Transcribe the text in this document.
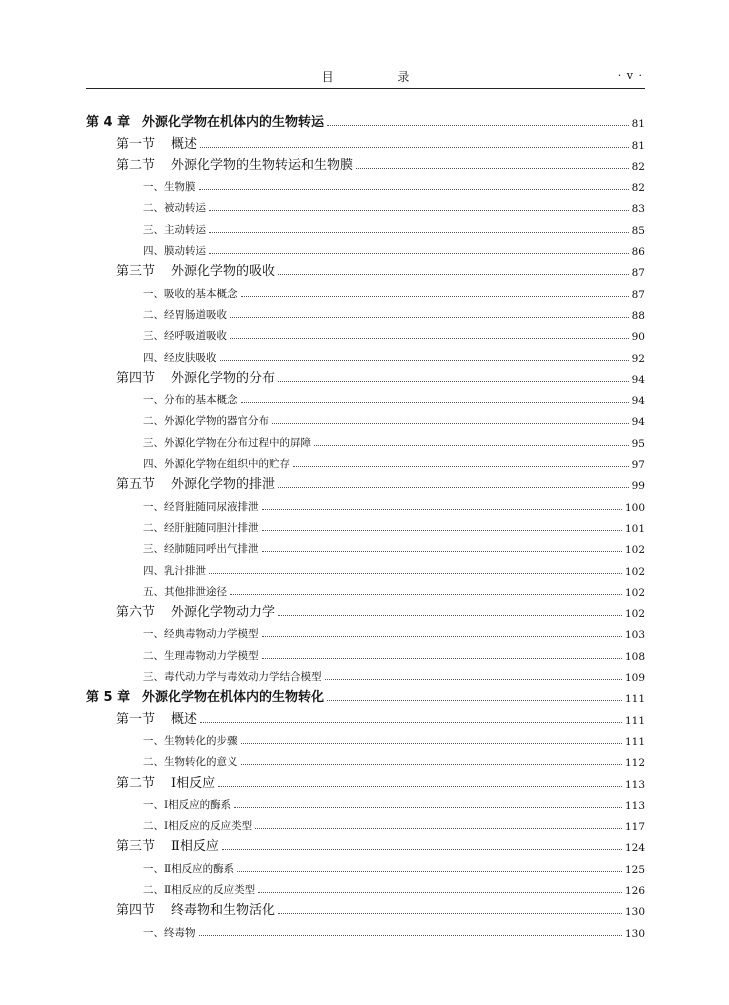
目 录	· v ·
第 4 章 外源化学物在机体内的生物转运	81
第一节 概述	81
第二节 外源化学物的生物转运和生物膜	82
一、生物膜	82
二、被动转运	83
三、主动转运	85
四、膜动转运	86
第三节 外源化学物的吸收	87
一、吸收的基本概念	87
二、经胃肠道吸收	88
三、经呼吸道吸收	90
四、经皮肤吸收	92
第四节 外源化学物的分布	94
一、分布的基本概念	94
二、外源化学物的器官分布	94
三、外源化学物在分布过程中的屏障	95
四、外源化学物在组织中的贮存	97
第五节 外源化学物的排泄	99
一、经肾脏随同尿液排泄	100
二、经肝脏随同胆汁排泄	101
三、经肺随同呼出气排泄	102
四、乳汁排泄	102
五、其他排泄途径	102
第六节 外源化学物动力学	102
一、经典毒物动力学模型	103
二、生理毒物动力学模型	108
三、毒代动力学与毒效动力学结合模型	109
第 5 章 外源化学物在机体内的生物转化	111
第一节 概述	111
一、生物转化的步骤	111
二、生物转化的意义	112
第二节 Ⅰ相反应	113
一、Ⅰ相反应的酶系	113
二、Ⅰ相反应的反应类型	117
第三节 Ⅱ相反应	124
一、Ⅱ相反应的酶系	125
二、Ⅱ相反应的反应类型	126
第四节 终毒物和生物活化	130
一、终毒物	130
